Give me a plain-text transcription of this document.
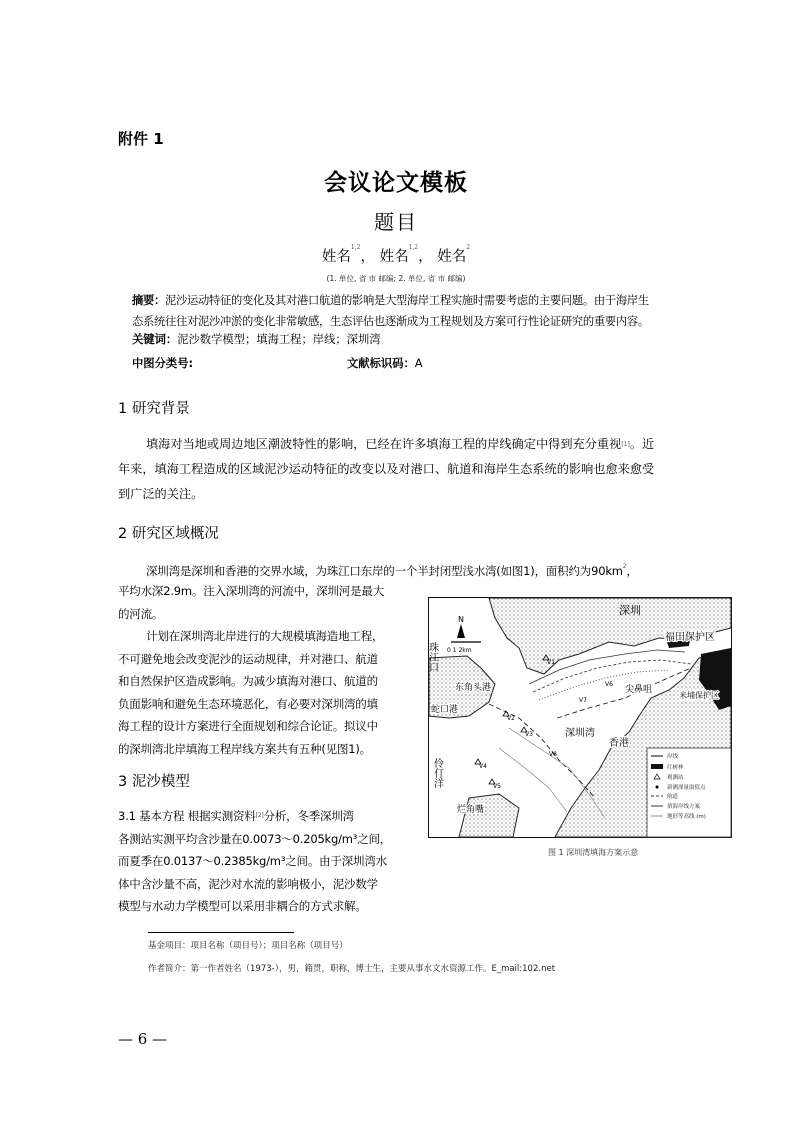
附件 1
会议论文模板
题目
姓名$^{1,2}$， 姓名$^{1,2}$， 姓名$^2$
(1. 单位, 省 市 邮编; 2. 单位, 省 市 邮编)
摘要：泥沙运动特征的变化及其对港口航道的影响是大型海岸工程实施时需要考虑的主要问题。由于海岸生
态系统往往对泥沙冲淤的变化非常敏感，生态评估也逐渐成为工程规划及方案可行性论证研究的重要内容。
关键词：泥沙数学模型；填海工程；岸线；深圳湾
中图分类号:	文献标识码：A
1 研究背景
填海对当地或周边地区潮波特性的影响，已经在许多填海工程的岸线确定中得到充分重视[1]。近
年来，填海工程造成的区域泥沙运动特征的改变以及对港口、航道和海岸生态系统的影响也愈来愈受
到广泛的关注。
2 研究区域概况
深圳湾是深圳和香港的交界水域，为珠江口东岸的一个半封闭型浅水湾(如图1)，面积约为90km$^2$，
平均水深2.9m。注入深圳湾的河流中，深圳河是最大
的河流。
计划在深圳湾北岸进行的大规模填海造地工程，
不可避免地会改变泥沙的运动规律，并对港口、航道
和自然保护区造成影响。为减少填海对港口、航道的
负面影响和避免生态环境恶化，有必要对深圳湾的填
海工程的设计方案进行全面规划和综合论证。拟议中
的深圳湾北岸填海工程岸线方案共有五种(见图1)。
3 泥沙模型
3.1 基本方程 根据实测资料[2]分析，冬季深圳湾
各测站实测平均含沙量在0.0073～0.205kg/m³之间，
而夏季在0.0137～0.2385kg/m³之间。由于深圳湾水
体中含沙量不高，泥沙对水流的影响极小，泥沙数学
模型与水动力学模型可以采用非耦合的方式求解。
N
0 1 2km
深圳
福田保护区
珠江口
东角头港
蛇口港
深圳湾
尖鼻咀
米埔保护区
香港
伶仃洋
烂角嘴
V1
V2
V3
V4
V5
V6
V7
V8	岸线
红树林
观测站
新测深量取值点
航道
填海岸线方案
地形等高线 (m)
图 1 深圳湾填海方案示意
基金项目：项目名称（项目号）；项目名称（项目号）
作者简介：第一作者姓名（1973-），男，籍贯，职称，博士生，主要从事水文水资源工作。E_mail:102.net
— 6 —
